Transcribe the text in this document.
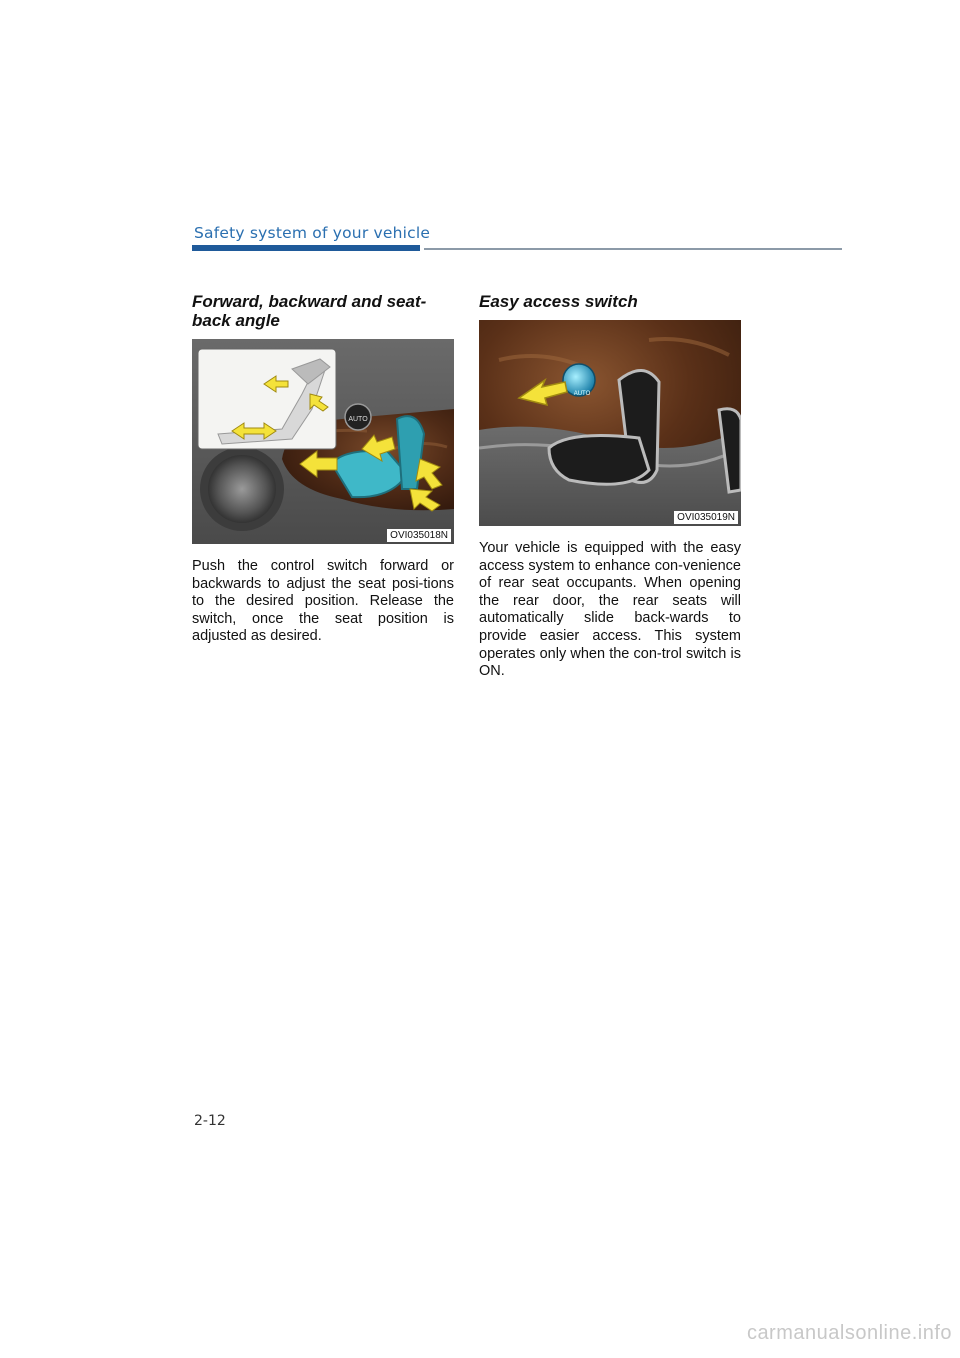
Safety system of your vehicle
Forward, backward and seat-back angle
AUTO
OVI035018N

Push the control switch forward or backwards to adjust the seat posi-tions to the desired position. Release the switch, once the seat position is adjusted as desired.

Easy access switch
AUTO
OVI035019N

Your vehicle is equipped with the easy access system to enhance con-venience of rear seat occupants. When opening the rear door, the rear seats will automatically slide back-wards to provide easier access. This system operates only when the con-trol switch is ON.

2-12
carmanualsonline.info
